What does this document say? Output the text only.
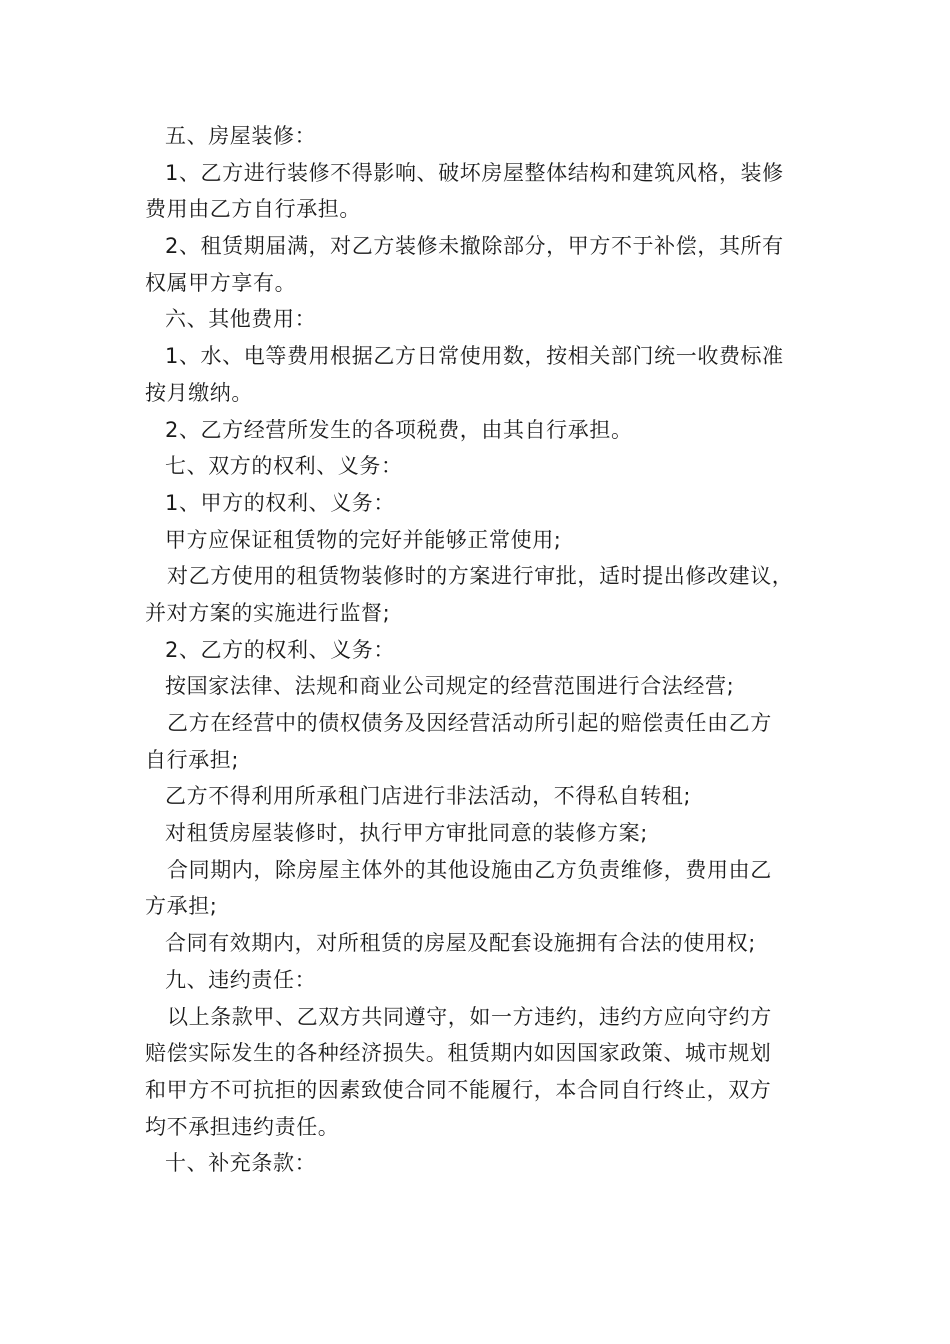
五、房屋装修：
1、乙方进行装修不得影响、破坏房屋整体结构和建筑风格，装修
费用由乙方自行承担。
2、租赁期届满，对乙方装修未撤除部分，甲方不于补偿，其所有
权属甲方享有。
六、其他费用：
1、水、电等费用根据乙方日常使用数，按相关部门统一收费标准
按月缴纳。
2、乙方经营所发生的各项税费，由其自行承担。
七、双方的权利、义务：
1、甲方的权利、义务：
甲方应保证租赁物的完好并能够正常使用;
对乙方使用的租赁物装修时的方案进行审批，适时提出修改建议，
并对方案的实施进行监督;
2、乙方的权利、义务：
按国家法律、法规和商业公司规定的经营范围进行合法经营;
乙方在经营中的债权债务及因经营活动所引起的赔偿责任由乙方
自行承担;
乙方不得利用所承租门店进行非法活动，不得私自转租;
对租赁房屋装修时，执行甲方审批同意的装修方案;
合同期内，除房屋主体外的其他设施由乙方负责维修，费用由乙
方承担;
合同有效期内，对所租赁的房屋及配套设施拥有合法的使用权;
九、违约责任：
以上条款甲、乙双方共同遵守，如一方违约，违约方应向守约方
赔偿实际发生的各种经济损失。租赁期内如因国家政策、城市规划
和甲方不可抗拒的因素致使合同不能履行，本合同自行终止，双方
均不承担违约责任。
十、补充条款：
